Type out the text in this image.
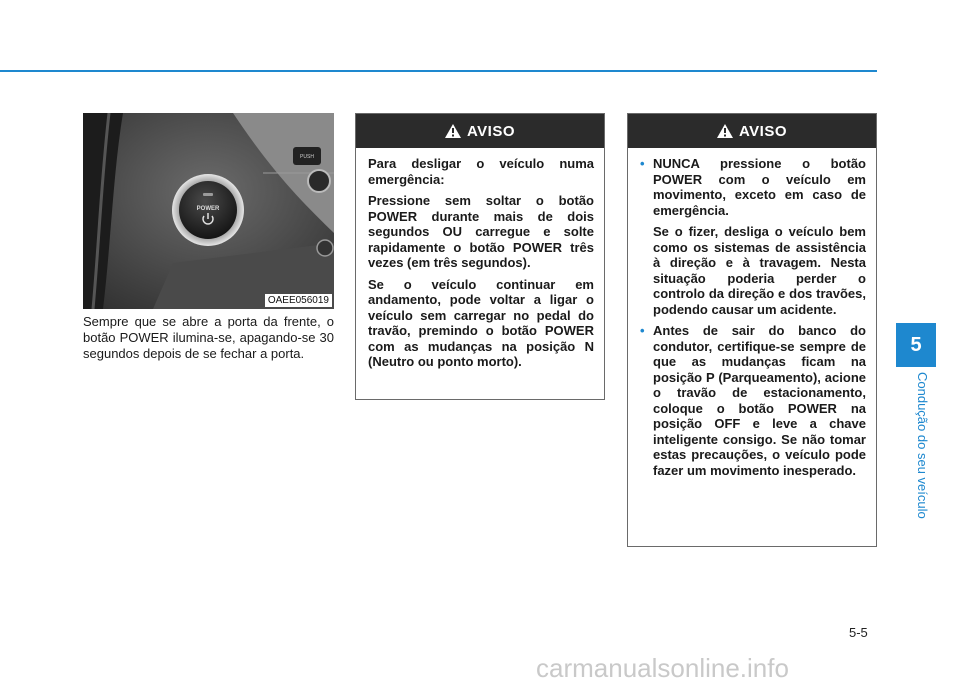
5
Condução do seu veículo
POWER
PUSH
OAEE056019

Sempre que se abre a porta da frente, o botão POWER ilumina-se, apagando-se 30 segundos depois de se fechar a porta.

AVISO

Para desligar o veículo numa emergência:

Pressione sem soltar o botão POWER durante mais de dois segundos OU carregue e solte rapidamente o botão POWER três vezes (em três segundos).

Se o veículo continuar em andamento, pode voltar a ligar o veículo sem carregar no pedal do travão, premindo o botão POWER com as mudanças na posição N (Neutro ou ponto morto).

AVISO

• NUNCA pressione o botão POWER com o veículo em movimento, exceto em caso de emergência.

Se o fizer, desliga o veículo bem como os sistemas de assistência à direção e à travagem. Nesta situação poderia perder o controlo da direção e dos travões, podendo causar um acidente.

• Antes de sair do banco do condutor, certifique-se sempre de que as mudanças ficam na posição P (Parqueamento), acione o travão de estacionamento, coloque o botão POWER na posição OFF e leve a chave inteligente consigo. Se não tomar estas precauções, o veículo pode fazer um movimento inesperado.

5-5
carmanualsonline.info
